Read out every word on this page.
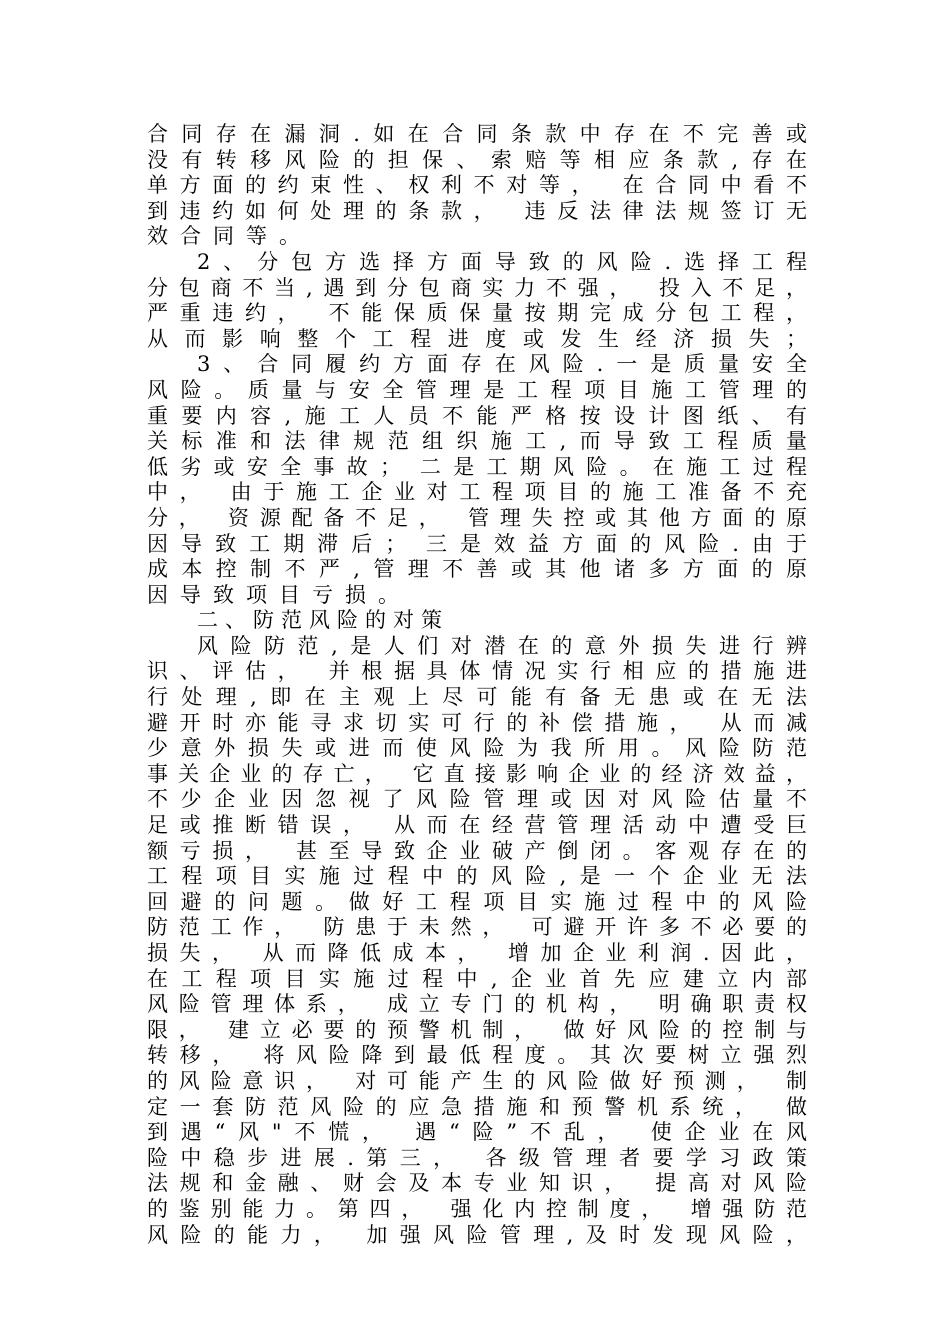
合同存在漏洞.如在合同条款中存在不完善或
没有转移风险的担保、索赔等相应条款,存在
单方面的约束性、权利不对等， 在合同中看不
到违约如何处理的条款， 违反法律法规签订无
效合同等。
2、分包方选择方面导致的风险.选择工程
分包商不当,遇到分包商实力不强， 投入不足，
严重违约， 不能保质保量按期完成分包工程，
从而影响整个工程进度或发生经济损失；
3、合同履约方面存在风险.一是质量安全
风险。质量与安全管理是工程项目施工管理的
重要内容,施工人员不能严格按设计图纸、有
关标准和法律规范组织施工,而导致工程质量
低劣或安全事故； 二是工期风险。在施工过程
中， 由于施工企业对工程项目的施工准备不充
分， 资源配备不足， 管理失控或其他方面的原
因导致工期滞后； 三是效益方面的风险.由于
成本控制不严,管理不善或其他诸多方面的原
因导致项目亏损。
二、防范风险的对策
风险防范,是人们对潜在的意外损失进行辨
识、评估， 并根据具体情况实行相应的措施进
行处理,即在主观上尽可能有备无患或在无法
避开时亦能寻求切实可行的补偿措施， 从而减
少意外损失或进而使风险为我所用。风险防范
事关企业的存亡， 它直接影响企业的经济效益，
不少企业因忽视了风险管理或因对风险估量不
足或推断错误， 从而在经营管理活动中遭受巨
额亏损， 甚至导致企业破产倒闭。客观存在的
工程项目实施过程中的风险,是一个企业无法
回避的问题。做好工程项目实施过程中的风险
防范工作， 防患于未然， 可避开许多不必要的
损失， 从而降低成本， 增加企业利润.因此，
在工程项目实施过程中,企业首先应建立内部
风险管理体系， 成立专门的机构， 明确职责权
限， 建立必要的预警机制， 做好风险的控制与
转移， 将风险降到最低程度。其次要树立强烈
的风险意识， 对可能产生的风险做好预测， 制
定一套防范风险的应急措施和预警机系统， 做
到遇“风"不慌， 遇“险”不乱， 使企业在风
险中稳步进展.第三， 各级管理者要学习政策
法规和金融、财会及本专业知识， 提高对风险
的鉴别能力。第四， 强化内控制度， 增强防范
风险的能力， 加强风险管理,及时发现风险，
